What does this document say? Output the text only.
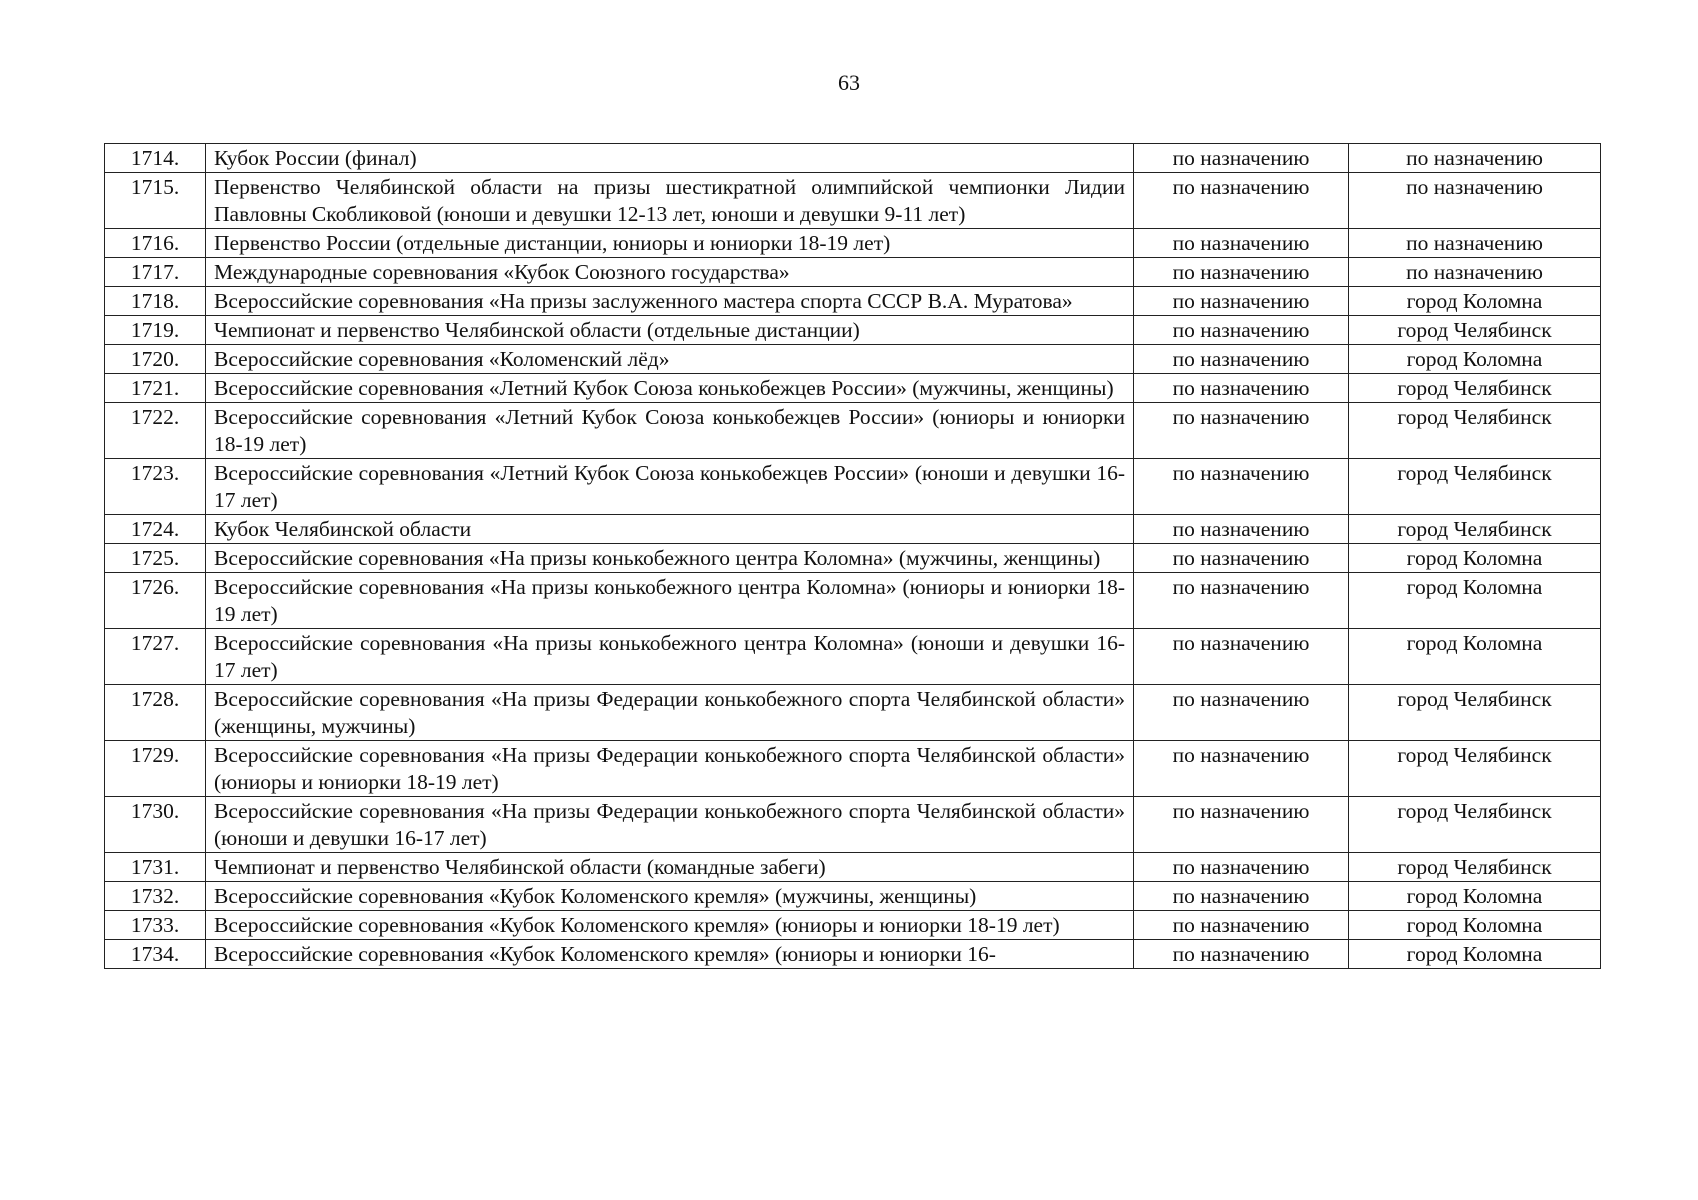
63
1714.	Кубок России (финал)	по назначению	по назначению
1715.	Первенство Челябинской области на призы шестикратной олимпийской чемпионки Лидии Павловны Скобликовой (юноши и девушки 12-13 лет, юноши и девушки 9-11 лет)	по назначению	по назначению
1716.	Первенство России (отдельные дистанции, юниоры и юниорки 18-19 лет)	по назначению	по назначению
1717.	Международные соревнования «Кубок Союзного государства»	по назначению	по назначению
1718.	Всероссийские соревнования «На призы заслуженного мастера спорта СССР В.А. Муратова»	по назначению	город Коломна
1719.	Чемпионат и первенство Челябинской области (отдельные дистанции)	по назначению	город Челябинск
1720.	Всероссийские соревнования «Коломенский лёд»	по назначению	город Коломна
1721.	Всероссийские соревнования «Летний Кубок Союза конькобежцев России» (мужчины, женщины)	по назначению	город Челябинск
1722.	Всероссийские соревнования «Летний Кубок Союза конькобежцев России» (юниоры и юниорки 18-19 лет)	по назначению	город Челябинск
1723.	Всероссийские соревнования «Летний Кубок Союза конькобежцев России» (юноши и девушки 16-17 лет)	по назначению	город Челябинск
1724.	Кубок Челябинской области	по назначению	город Челябинск
1725.	Всероссийские соревнования «На призы конькобежного центра Коломна» (мужчины, женщины)	по назначению	город Коломна
1726.	Всероссийские соревнования «На призы конькобежного центра Коломна» (юниоры и юниорки 18-19 лет)	по назначению	город Коломна
1727.	Всероссийские соревнования «На призы конькобежного центра Коломна» (юноши и девушки 16-17 лет)	по назначению	город Коломна
1728.	Всероссийские соревнования «На призы Федерации конькобежного спорта Челябинской области» (женщины, мужчины)	по назначению	город Челябинск
1729.	Всероссийские соревнования «На призы Федерации конькобежного спорта Челябинской области» (юниоры и юниорки 18-19 лет)	по назначению	город Челябинск
1730.	Всероссийские соревнования «На призы Федерации конькобежного спорта Челябинской области» (юноши и девушки 16-17 лет)	по назначению	город Челябинск
1731.	Чемпионат и первенство Челябинской области (командные забеги)	по назначению	город Челябинск
1732.	Всероссийские соревнования «Кубок Коломенского кремля» (мужчины, женщины)	по назначению	город Коломна
1733.	Всероссийские соревнования «Кубок Коломенского кремля» (юниоры и юниорки 18-19 лет)	по назначению	город Коломна
1734.	Всероссийские соревнования «Кубок Коломенского кремля» (юниоры и юниорки 16-	по назначению	город Коломна
